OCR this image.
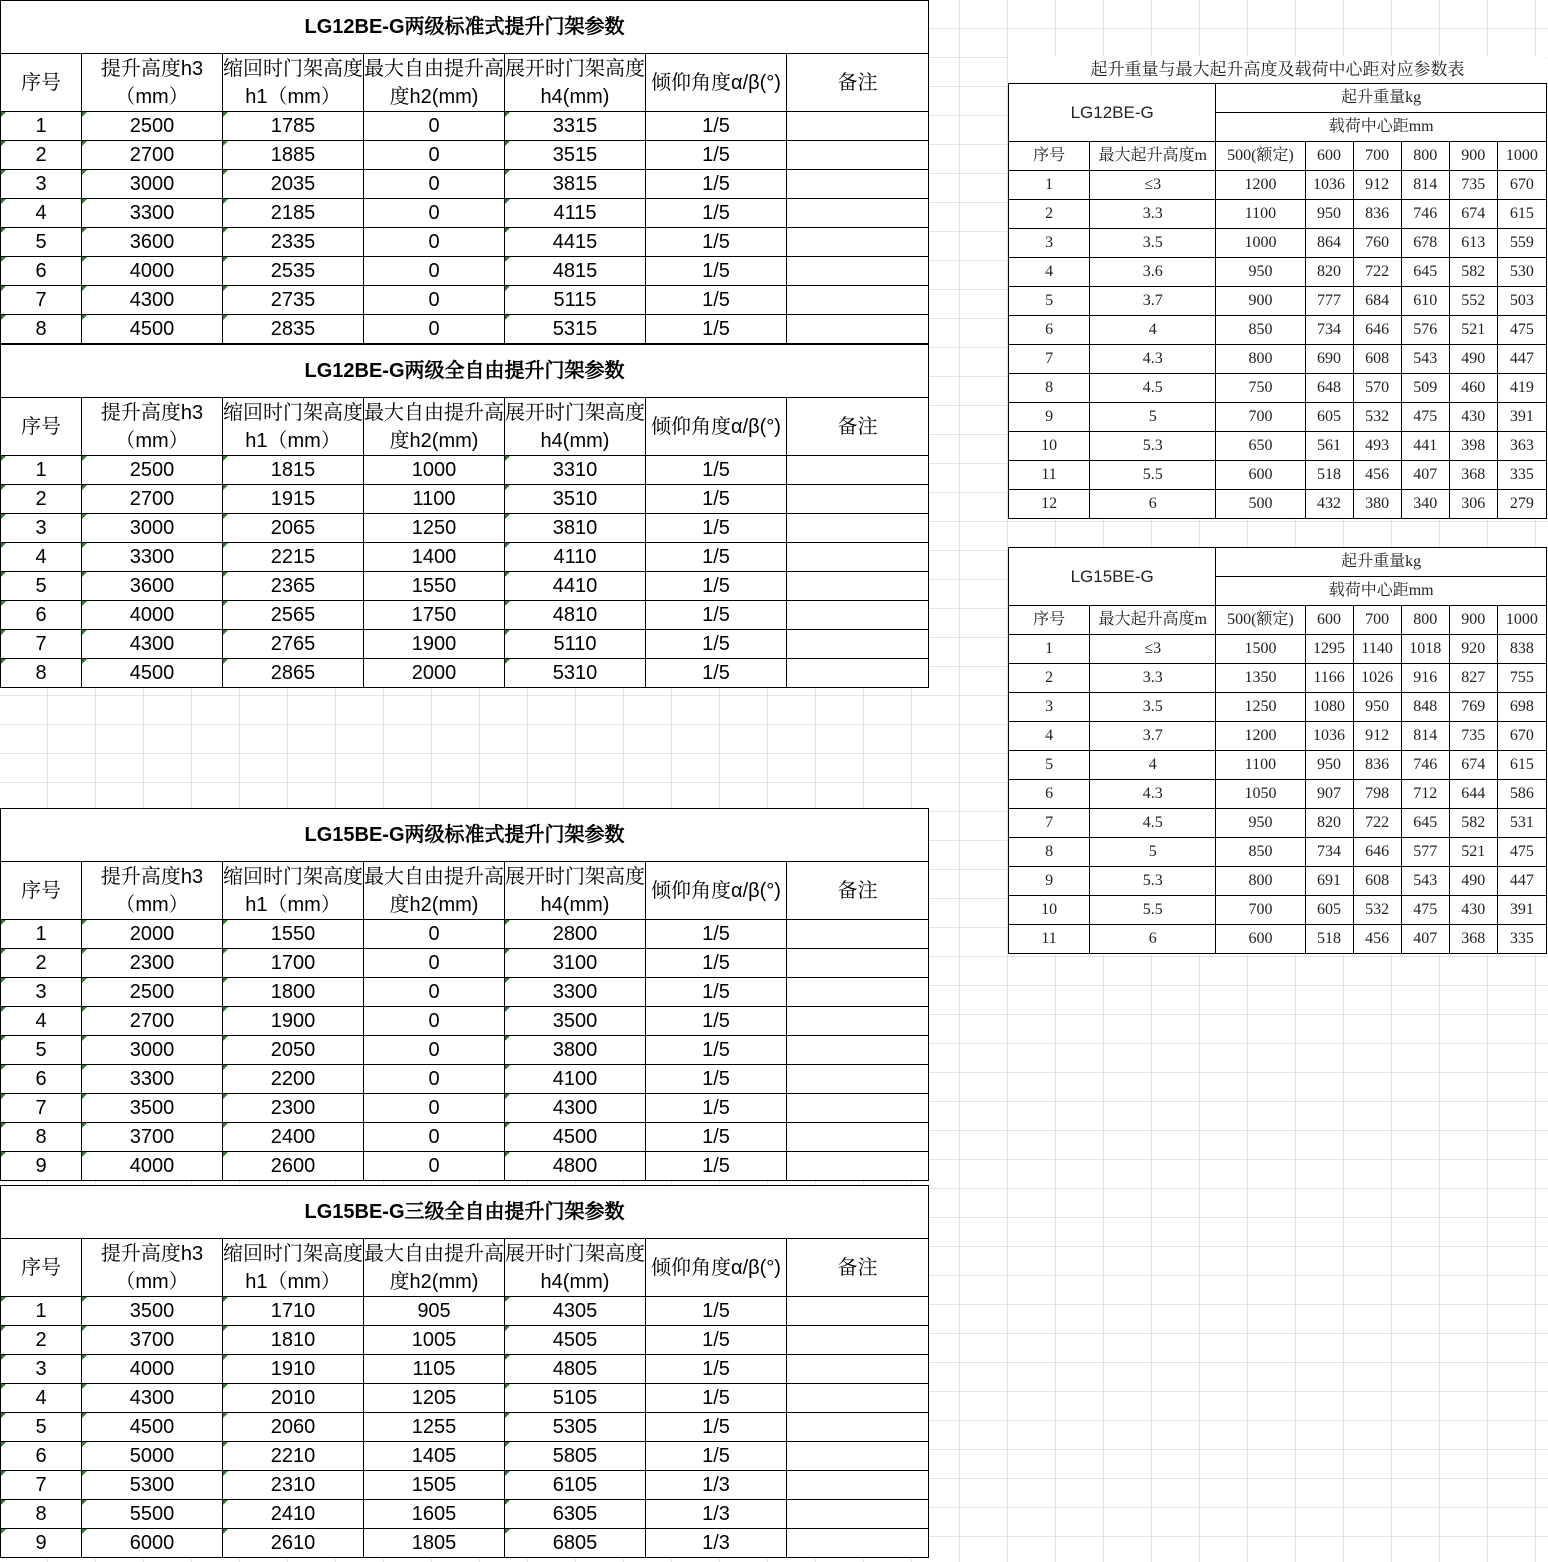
LG12BE-G两级标准式提升门架参数						
序号	提升高度h3（mm）	缩回时门架高度h1（mm）	最大自由提升高度h2(mm)	展开时门架高度h4(mm)	倾仰角度α/β(°)	备注
1	2500	1785	0	3315	1/5	
2	2700	1885	0	3515	1/5	
3	3000	2035	0	3815	1/5	
4	3300	2185	0	4115	1/5	
5	3600	2335	0	4415	1/5	
6	4000	2535	0	4815	1/5	
7	4300	2735	0	5115	1/5	
8	4500	2835	0	5315	1/5	
LG12BE-G两级全自由提升门架参数						
序号	提升高度h3（mm）	缩回时门架高度h1（mm）	最大自由提升高度h2(mm)	展开时门架高度h4(mm)	倾仰角度α/β(°)	备注
1	2500	1815	1000	3310	1/5	
2	2700	1915	1100	3510	1/5	
3	3000	2065	1250	3810	1/5	
4	3300	2215	1400	4110	1/5	
5	3600	2365	1550	4410	1/5	
6	4000	2565	1750	4810	1/5	
7	4300	2765	1900	5110	1/5	
8	4500	2865	2000	5310	1/5	
LG15BE-G两级标准式提升门架参数						
序号	提升高度h3（mm）	缩回时门架高度h1（mm）	最大自由提升高度h2(mm)	展开时门架高度h4(mm)	倾仰角度α/β(°)	备注
1	2000	1550	0	2800	1/5	
2	2300	1700	0	3100	1/5	
3	2500	1800	0	3300	1/5	
4	2700	1900	0	3500	1/5	
5	3000	2050	0	3800	1/5	
6	3300	2200	0	4100	1/5	
7	3500	2300	0	4300	1/5	
8	3700	2400	0	4500	1/5	
9	4000	2600	0	4800	1/5	
LG15BE-G三级全自由提升门架参数						
序号	提升高度h3（mm）	缩回时门架高度h1（mm）	最大自由提升高度h2(mm)	展开时门架高度h4(mm)	倾仰角度α/β(°)	备注
1	3500	1710	905	4305	1/5	
2	3700	1810	1005	4505	1/5	
3	4000	1910	1105	4805	1/5	
4	4300	2010	1205	5105	1/5	
5	4500	2060	1255	5305	1/5	
6	5000	2210	1405	5805	1/5	
7	5300	2310	1505	6105	1/3	
8	5500	2410	1605	6305	1/3	
9	6000	2610	1805	6805	1/3	
起升重量与最大起升高度及载荷中心距对应参数表
LG12BE-G		起升重量kg					
		载荷中心距mm					
序号	最大起升高度m	500(额定)	600	700	800	900	1000
1	≤3	1200	1036	912	814	735	670
2	3.3	1100	950	836	746	674	615
3	3.5	1000	864	760	678	613	559
4	3.6	950	820	722	645	582	530
5	3.7	900	777	684	610	552	503
6	4	850	734	646	576	521	475
7	4.3	800	690	608	543	490	447
8	4.5	750	648	570	509	460	419
9	5	700	605	532	475	430	391
10	5.3	650	561	493	441	398	363
11	5.5	600	518	456	407	368	335
12	6	500	432	380	340	306	279
LG15BE-G		起升重量kg					
		载荷中心距mm					
序号	最大起升高度m	500(额定)	600	700	800	900	1000
1	≤3	1500	1295	1140	1018	920	838
2	3.3	1350	1166	1026	916	827	755
3	3.5	1250	1080	950	848	769	698
4	3.7	1200	1036	912	814	735	670
5	4	1100	950	836	746	674	615
6	4.3	1050	907	798	712	644	586
7	4.5	950	820	722	645	582	531
8	5	850	734	646	577	521	475
9	5.3	800	691	608	543	490	447
10	5.5	700	605	532	475	430	391
11	6	600	518	456	407	368	335
